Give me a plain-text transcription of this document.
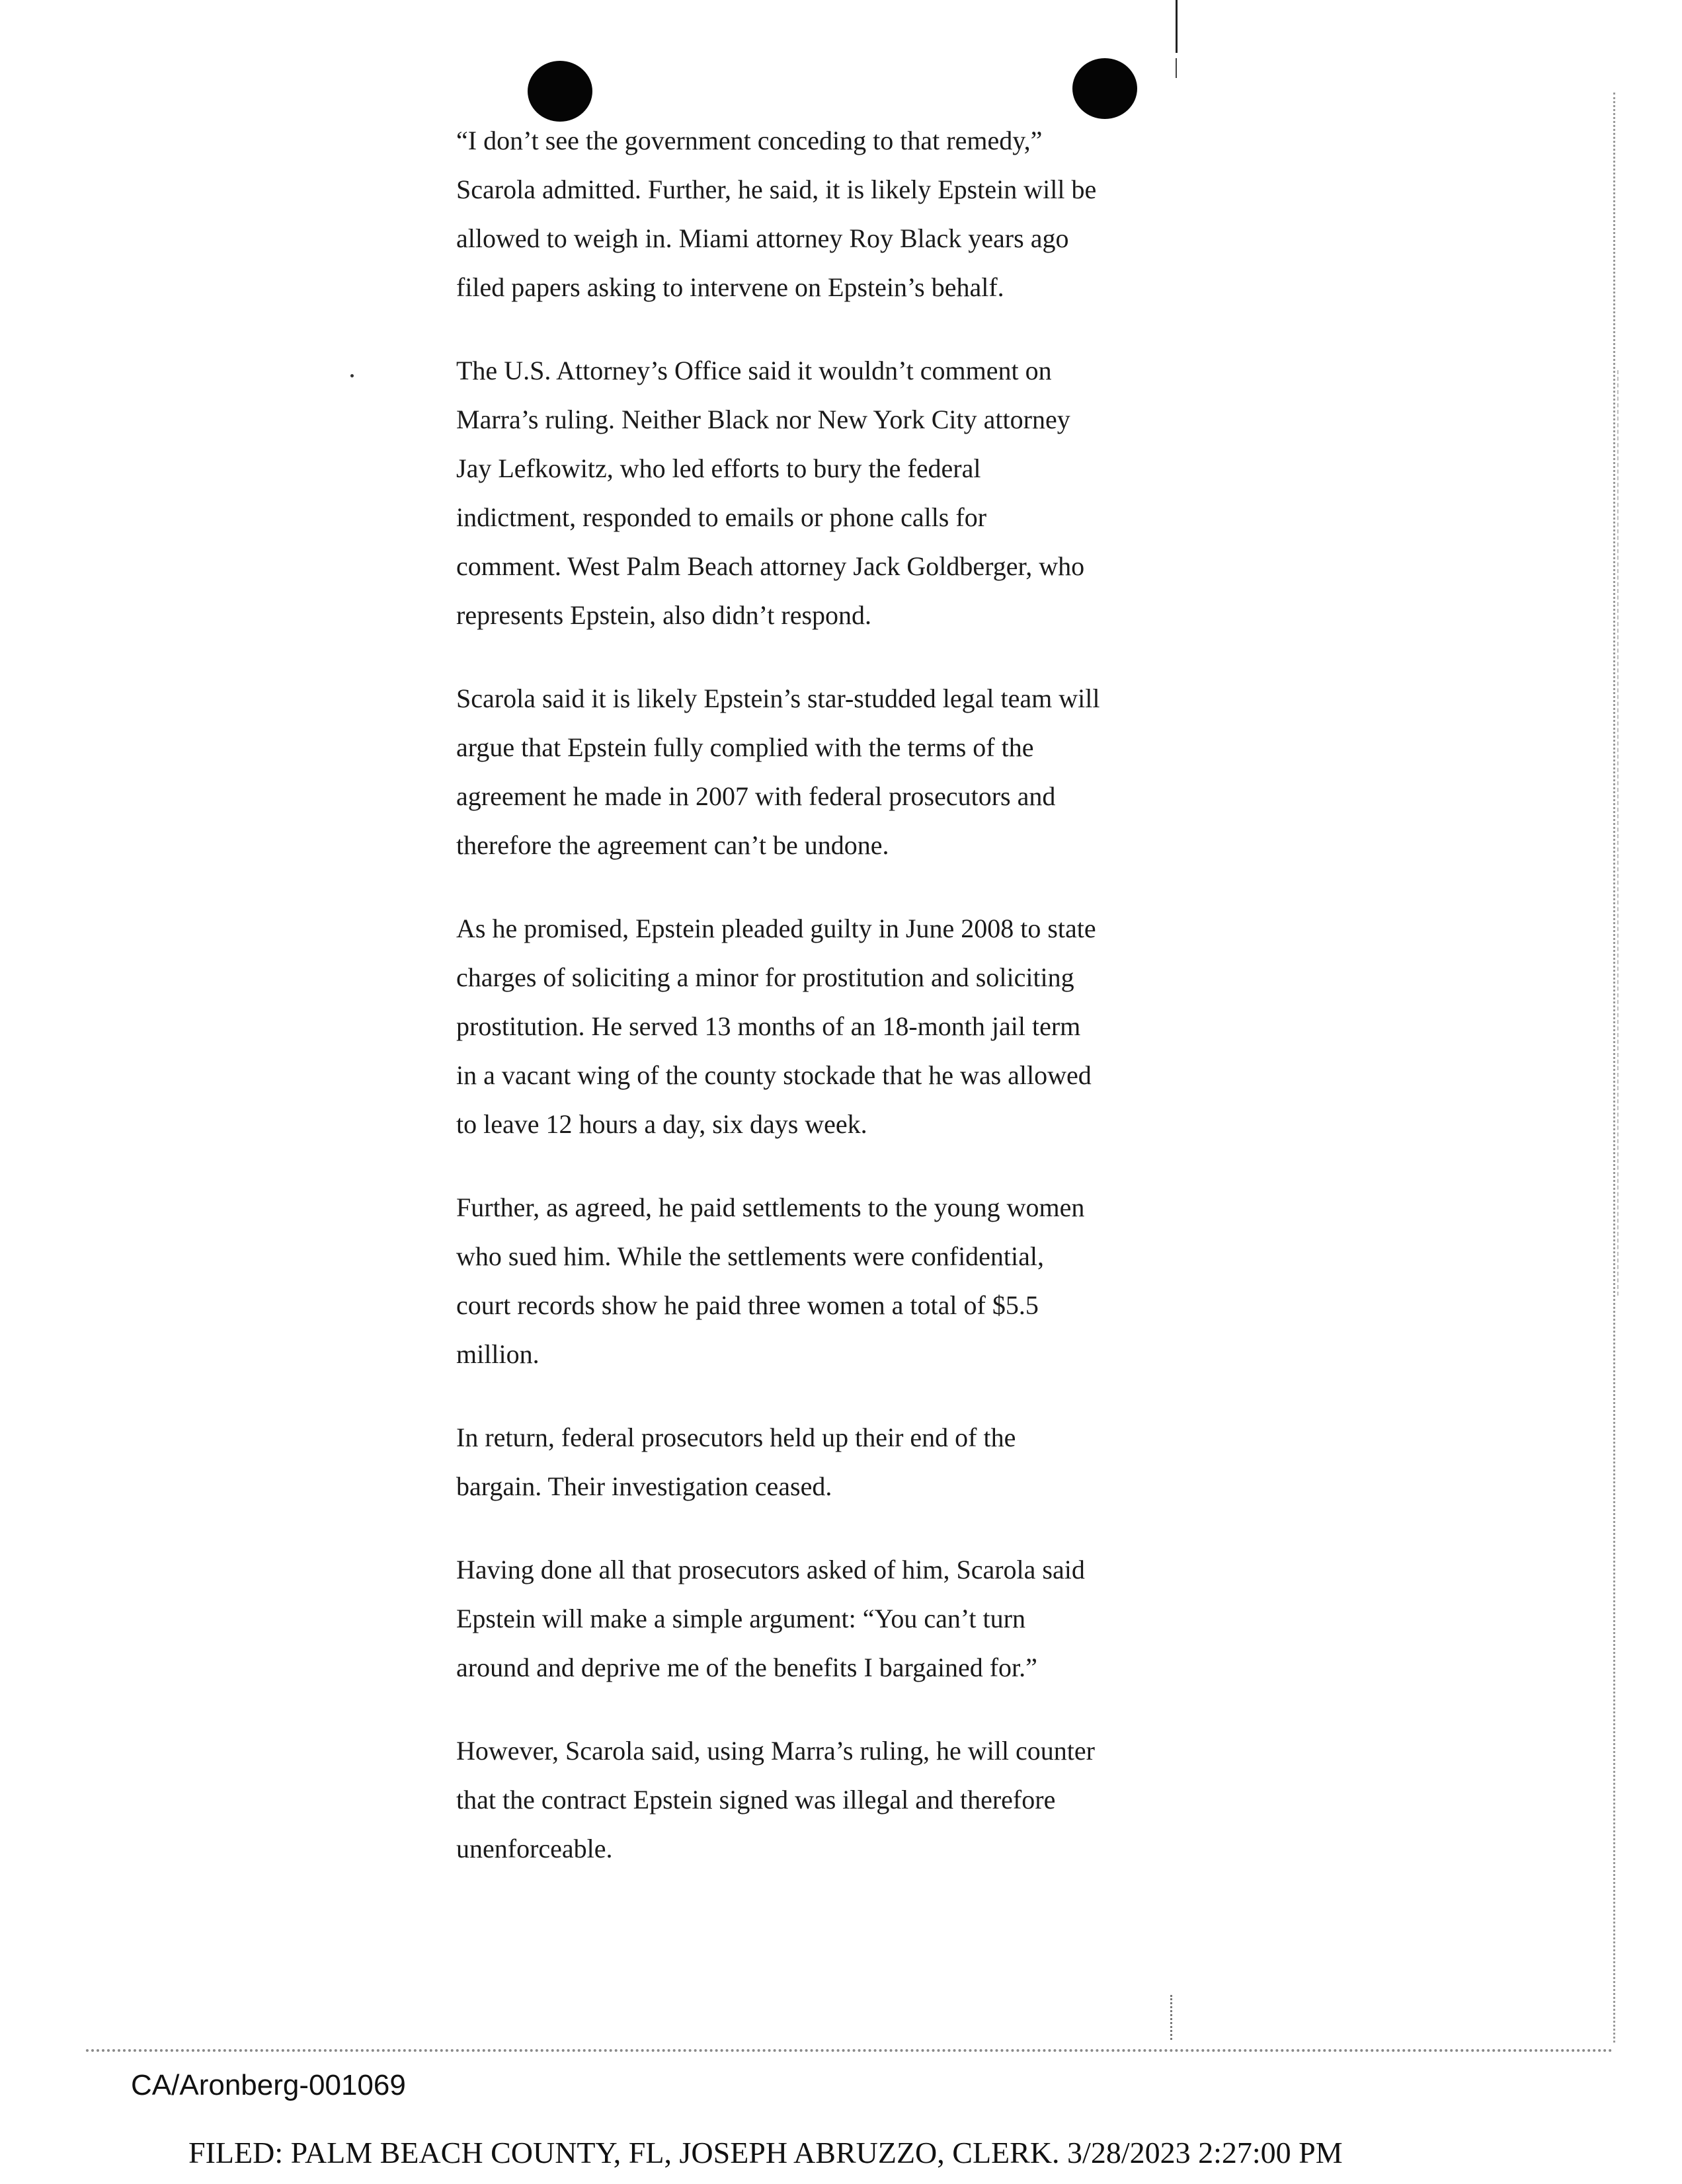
“I don’t see the government conceding to that remedy,”
Scarola admitted. Further, he said, it is likely Epstein will be
allowed to weigh in. Miami attorney Roy Black years ago
filed papers asking to intervene on Epstein’s behalf.

The U.S. Attorney’s Office said it wouldn’t comment on
Marra’s ruling. Neither Black nor New York City attorney
Jay Lefkowitz, who led efforts to bury the federal
indictment, responded to emails or phone calls for
comment. West Palm Beach attorney Jack Goldberger, who
represents Epstein, also didn’t respond.

Scarola said it is likely Epstein’s star-studded legal team will
argue that Epstein fully complied with the terms of the
agreement he made in 2007 with federal prosecutors and
therefore the agreement can’t be undone.

As he promised, Epstein pleaded guilty in June 2008 to state
charges of soliciting a minor for prostitution and soliciting
prostitution. He served 13 months of an 18-month jail term
in a vacant wing of the county stockade that he was allowed
to leave 12 hours a day, six days week.

Further, as agreed, he paid settlements to the young women
who sued him. While the settlements were confidential,
court records show he paid three women a total of $5.5
million.

In return, federal prosecutors held up their end of the
bargain. Their investigation ceased.

Having done all that prosecutors asked of him, Scarola said
Epstein will make a simple argument: “You can’t turn
around and deprive me of the benefits I bargained for.”

However, Scarola said, using Marra’s ruling, he will counter
that the contract Epstein signed was illegal and therefore
unenforceable.

CA/Aronberg-001069
FILED: PALM BEACH COUNTY, FL, JOSEPH ABRUZZO, CLERK. 3/28/2023 2:27:00 PM
